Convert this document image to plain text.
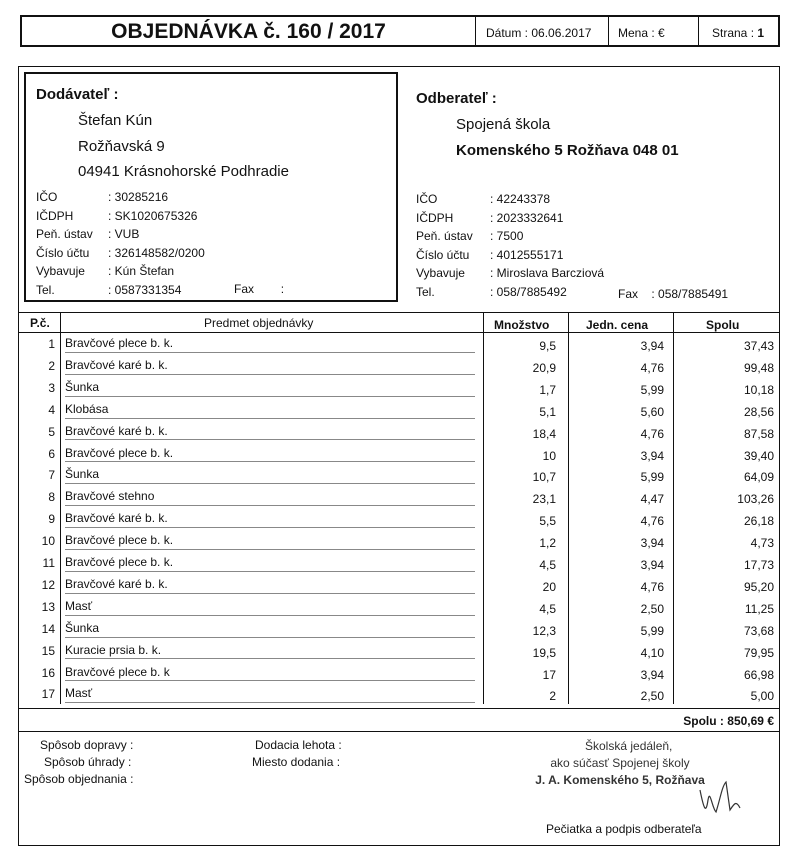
OBJEDNÁVKA č. 160 / 2017	Dátum : 06.06.2017 Mena : €	Strana : 1
Dodávateľ :
Štefan Kún
Rožňavská 9
04941 Krásnohorské Podhradie
IČO	: 30285216
IČDPH	: SK1020675326
Peň. ústav : VUB
Číslo účtu : 326148582/0200
Vybavuje : Kún Štefan
Tel.	: 0587331354	Fax :
Odberateľ :
Spojená škola
Komenského 5 Rožňava 048 01
IČO	: 42243378
IČDPH	: 2023332641
Peň. ústav : 7500
Číslo účtu : 4012555171
Vybavuje : Miroslava Barcziová
Tel.	: 058/7885492	Fax : 058/7885491
P.č.	Predmet objednávky	Množstvo	Jedn. cena	Spolu
1 Bravčové plece b. k.	9,5	3,94	37,43
2 Bravčové karé b. k.	20,9	4,76	99,48
3 Šunka	1,7	5,99	10,18
4 Klobása	5,1	5,60	28,56
5 Bravčové karé b. k.	18,4	4,76	87,58
6 Bravčové plece b. k.	10	3,94	39,40
7 Šunka	10,7	5,99	64,09
8 Bravčové stehno	23,1	4,47	103,26
9 Bravčové karé b. k.	5,5	4,76	26,18
10 Bravčové plece b. k.	1,2	3,94	4,73
11 Bravčové plece b. k.	4,5	3,94	17,73
12 Bravčové karé b. k.	20	4,76	95,20
13 Masť	4,5	2,50	11,25
14 Šunka	12,3	5,99	73,68
15 Kuracie prsia b. k.	19,5	4,10	79,95
16 Bravčové plece b. k	17	3,94	66,98
17 Masť	2	2,50	5,00
Spolu : 850,69 €
Spôsob dopravy :
Spôsob úhrady :
Spôsob objednania :
Dodacia lehota :
Miesto dodania :
Školská jedáleň,
ako súčasť Spojenej školy
J. A. Komenského 5, Rožňava
Pečiatka a podpis odberateľa
